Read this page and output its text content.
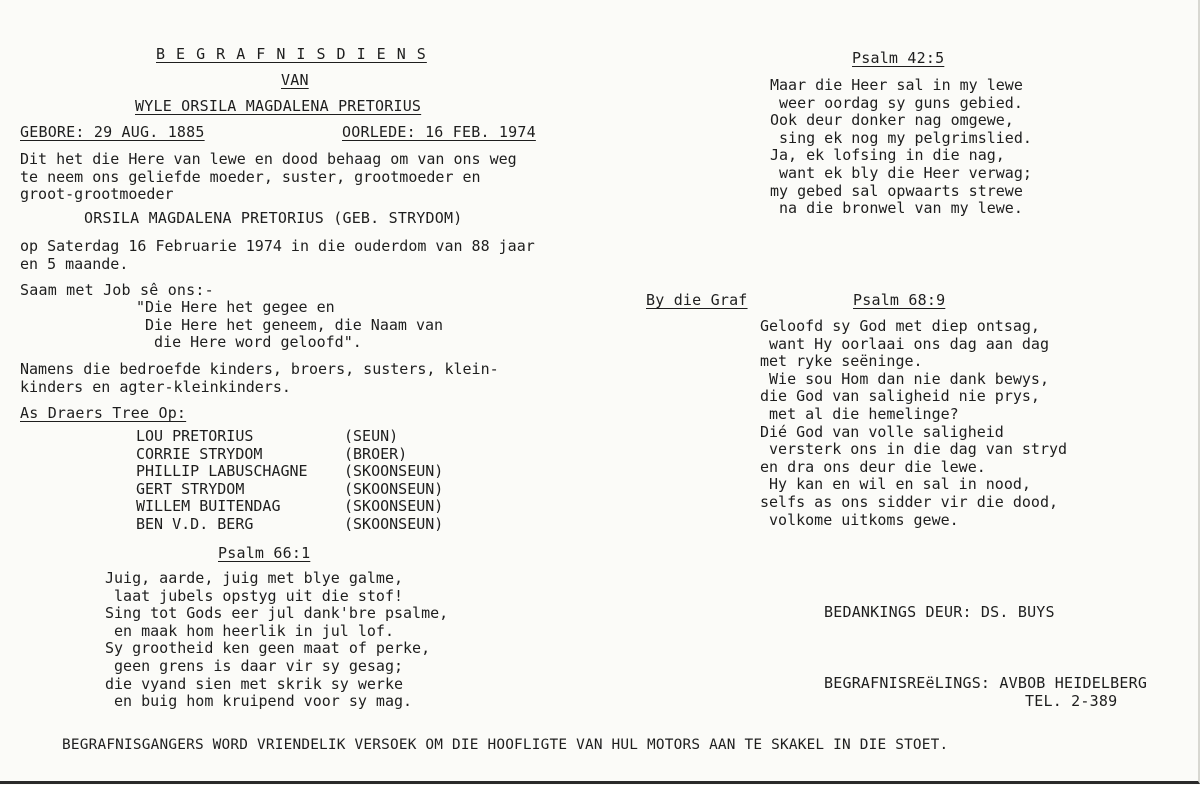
B E G R A F N I S D I E N S
VAN
WYLE ORSILA MAGDALENA PRETORIUS
GEBORE: 29 AUG. 1885	OORLEDE: 16 FEB. 1974
Dit het die Here van lewe en dood behaag om van ons weg
te neem ons geliefde moeder, suster, grootmoeder en
groot-grootmoeder
ORSILA MAGDALENA PRETORIUS (GEB. STRYDOM)
op Saterdag 16 Februarie 1974 in die ouderdom van 88 jaar
en 5 maande.
Saam met Job sê ons:-
"Die Here het gegee en
Die Here het geneem, die Naam van
die Here word geloofd".
Namens die bedroefde kinders, broers, susters, klein-
kinders en agter-kleinkinders.
As Draers Tree Op:
LOU PRETORIUS	(SEUN)
CORRIE STRYDOM	(BROER)
PHILLIP LABUSCHAGNE	(SKOONSEUN)
GERT STRYDOM	(SKOONSEUN)
WILLEM BUITENDAG	(SKOONSEUN)
BEN V.D. BERG	(SKOONSEUN)
Psalm 66:1
Juig, aarde, juig met blye galme,
laat jubels opstyg uit die stof!
Sing tot Gods eer jul dank'bre psalme,
en maak hom heerlik in jul lof.
Sy grootheid ken geen maat of perke,
geen grens is daar vir sy gesag;
die vyand sien met skrik sy werke
en buig hom kruipend voor sy mag.
Psalm 42:5
Maar die Heer sal in my lewe
weer oordag sy guns gebied.
Ook deur donker nag omgewe,
sing ek nog my pelgrimslied.
Ja, ek lofsing in die nag,
want ek bly die Heer verwag;
my gebed sal opwaarts strewe
na die bronwel van my lewe.
By die Graf	Psalm 68:9
Geloofd sy God met diep ontsag,
want Hy oorlaai ons dag aan dag
met ryke seëninge.
Wie sou Hom dan nie dank bewys,
die God van saligheid nie prys,
met al die hemelinge?
Dié God van volle saligheid
versterk ons in die dag van stryd
en dra ons deur die lewe.
Hy kan en wil en sal in nood,
selfs as ons sidder vir die dood,
volkome uitkoms gewe.
BEDANKINGS DEUR: DS. BUYS
BEGRAFNISREëLINGS: AVBOB HEIDELBERG
TEL. 2-389
BEGRAFNISGANGERS WORD VRIENDELIK VERSOEK OM DIE HOOFLIGTE VAN HUL MOTORS AAN TE SKAKEL IN DIE STOET.
